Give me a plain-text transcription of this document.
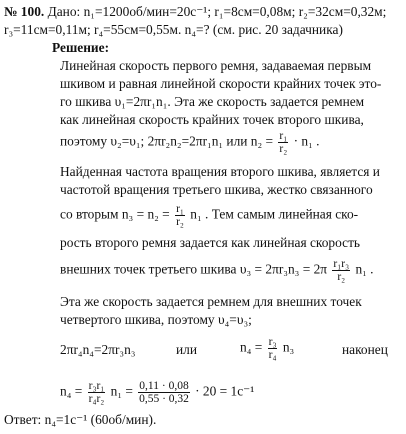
№ 100. Дано: n₁=1200об/мин=20с⁻¹; r₁=8см=0,08м; r₂=32см=0,32м;
r₃=11см=0,11м; r₄=55см=0,55м. n₄=? (см. рис. 20 задачника)
Решение:
Линейная скорость первого ремня, задаваемая первым
шкивом и равная линейной скорости крайних точек это-
го шкива υ₁=2πr₁n₁. Эта же скорость задается ремнем
как линейная скорость крайних точек второго шкива,
поэтому υ₂=υ₁; 2πr₂n₂=2πr₁n₁ или $n_2 = \frac{\text{r₁}}{\text{r₂}} \cdot n_1$ .
Найденная частота вращения второго шкива, является и
частотой вращения третьего шкива, жестко связанного
со вторым $n_3 = n_2 = \frac{\text{r₁}}{\text{r₂}} n_1$ . Тем самым линейная ско-
рость второго ремня задается как линейная скорость
внешних точек третьего шкива $\upsilon_3 = 2\pi r_3n_3 = 2\pi \frac{\text{r₁r₃}}{\text{r₂}} n_1$ .
Эта же скорость задается ремнем для внешних точек
четвертого шкива, поэтому υ₄=υ₃;
2πr₄n₄=2πr₃n₃	или	$n_4 = \frac{\text{r₃}}{\text{r₄}} n_3$	наконец
$n_4 = \frac{\text{r₃r₁}}{\text{r₄r₂}} n_1 = \frac{0,11 \cdot 0,08}{0,55 \cdot 0,32} \cdot 20 = 1с^{-1}$
Ответ: n₄=1с⁻¹ (60об/мин).
